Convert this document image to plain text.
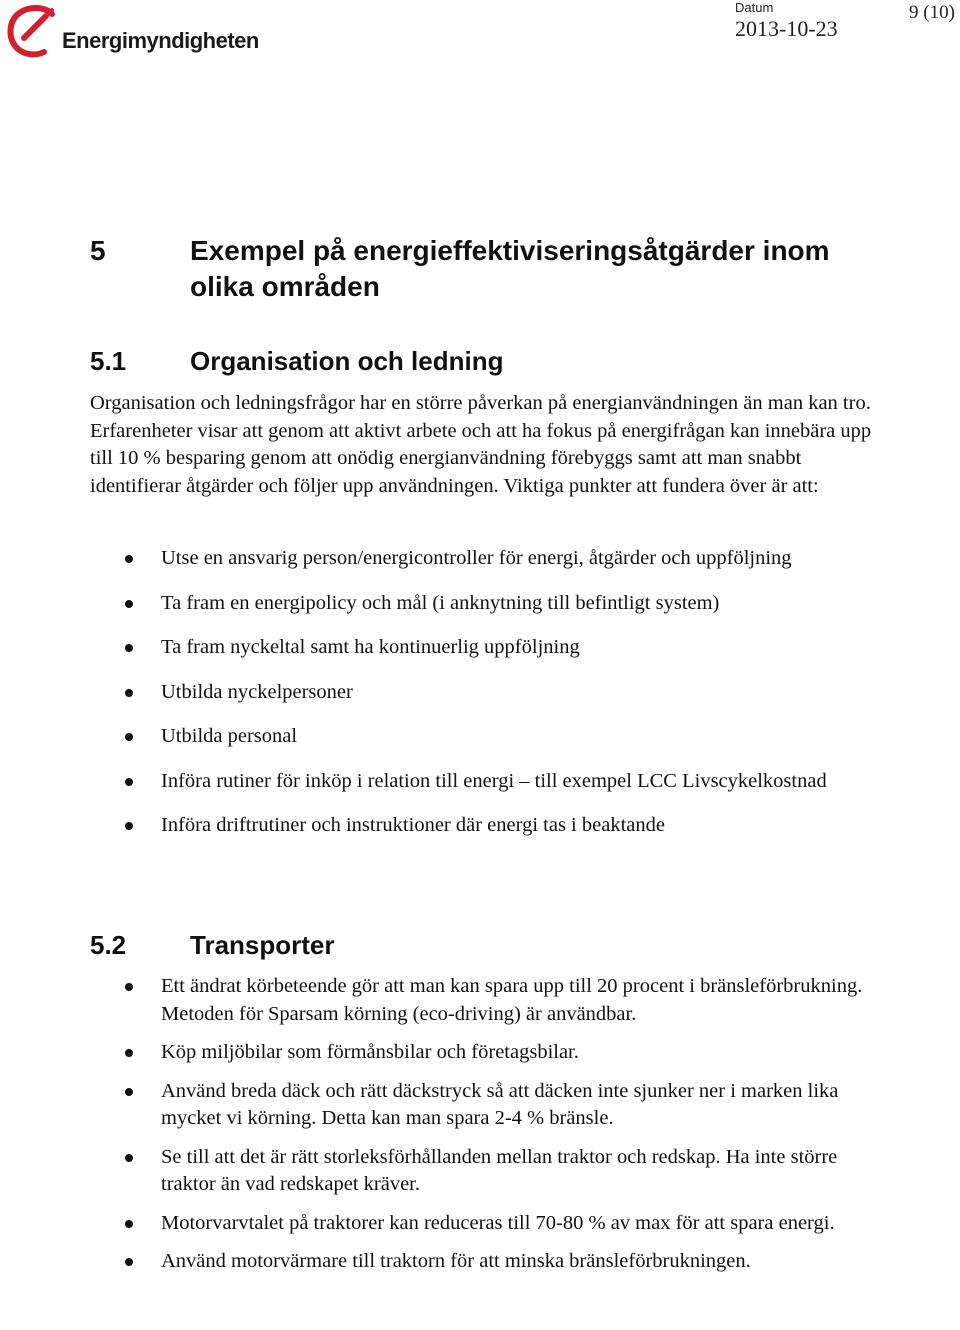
Energimyndigheten
Datum
2013-10-23
9 (10)
5	Exempel på energieffektiviseringsåtgärder inom olika områden
5.1 Organisation och ledning

Organisation och ledningsfrågor har en större påverkan på energianvändningen än man kan tro. Erfarenheter visar att genom att aktivt arbete och att ha fokus på energifrågan kan innebära upp till 10 % besparing genom att onödig energianvändning förebyggs samt att man snabbt identifierar åtgärder och följer upp användningen. Viktiga punkter att fundera över är att:

Utse en ansvarig person/energicontroller för energi, åtgärder och uppföljning
Ta fram en energipolicy och mål (i anknytning till befintligt system)
Ta fram nyckeltal samt ha kontinuerlig uppföljning
Utbilda nyckelpersoner
Utbilda personal
Införa rutiner för inköp i relation till energi – till exempel LCC Livscykelkostnad
Införa driftrutiner och instruktioner där energi tas i beaktande
5.2 Transporter
Ett ändrat körbeteende gör att man kan spara upp till 20 procent i bränsleförbrukning. Metoden för Sparsam körning (eco-driving) är användbar.
Köp miljöbilar som förmånsbilar och företagsbilar.
Använd breda däck och rätt däckstryck så att däcken inte sjunker ner i marken lika mycket vi körning. Detta kan man spara 2-4 % bränsle.
Se till att det är rätt storleksförhållanden mellan traktor och redskap. Ha inte större traktor än vad redskapet kräver.
Motorvarvtalet på traktorer kan reduceras till 70-80 % av max för att spara energi.
Använd motorvärmare till traktorn för att minska bränsleförbrukningen.
